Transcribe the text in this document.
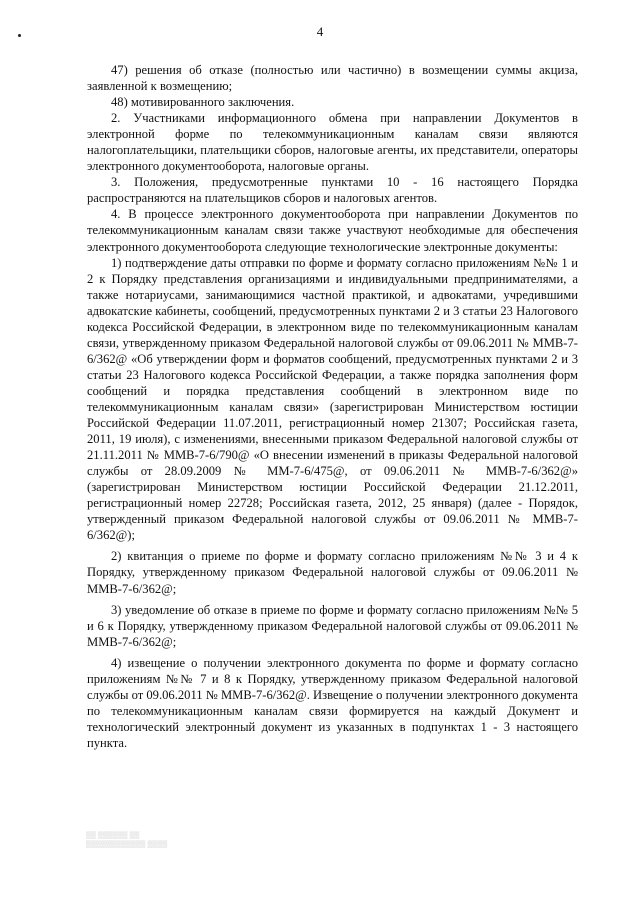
4

47) решения об отказе (полностью или частично) в возмещении суммы акциза, заявленной к возмещению;

48) мотивированного заключения.

2. Участниками информационного обмена при направлении Документов в электронной форме по телекоммуникационным каналам связи являются налогоплательщики, плательщики сборов, налоговые агенты, их представители, операторы электронного документооборота, налоговые органы.

3. Положения, предусмотренные пунктами 10 - 16 настоящего Порядка распространяются на плательщиков сборов и налоговых агентов.

4. В процессе электронного документооборота при направлении Документов по телекоммуникационным каналам связи также участвуют необходимые для обеспечения электронного документооборота следующие технологические электронные документы:

1) подтверждение даты отправки по форме и формату согласно приложениям №№ 1 и 2 к Порядку представления организациями и индивидуальными предпринимателями, а также нотариусами, занимающимися частной практикой, и адвокатами, учредившими адвокатские кабинеты, сообщений, предусмотренных пунктами 2 и 3 статьи 23 Налогового кодекса Российской Федерации, в электронном виде по телекоммуникационным каналам связи, утвержденному приказом Федеральной налоговой службы от 09.06.2011 № ММВ-7-6/362@ «Об утверждении форм и форматов сообщений, предусмотренных пунктами 2 и 3 статьи 23 Налогового кодекса Российской Федерации, а также порядка заполнения форм сообщений и порядка представления сообщений в электронном виде по телекоммуникационным каналам связи» (зарегистрирован Министерством юстиции Российской Федерации 11.07.2011, регистрационный номер 21307; Российская газета, 2011, 19 июля), с изменениями, внесенными приказом Федеральной налоговой службы от 21.11.2011 № ММВ-7-6/790@ «О внесении изменений в приказы Федеральной налоговой службы от 28.09.2009 № ММ-7-6/475@, от 09.06.2011 № ММВ-7-6/362@» (зарегистрирован Министерством юстиции Российской Федерации 21.12.2011, регистрационный номер 22728; Российская газета, 2012, 25 января) (далее - Порядок, утвержденный приказом Федеральной налоговой службы от 09.06.2011 № ММВ-7-6/362@);

2) квитанция о приеме по форме и формату согласно приложениям №№ 3 и 4 к Порядку, утвержденному приказом Федеральной налоговой службы от 09.06.2011 № ММВ-7-6/362@;

3) уведомление об отказе в приеме по форме и формату согласно приложениям №№ 5 и 6 к Порядку, утвержденному приказом Федеральной налоговой службы от 09.06.2011 № ММВ-7-6/362@;

4) извещение о получении электронного документа по форме и формату согласно приложениям №№ 7 и 8 к Порядку, утвержденному приказом Федеральной налоговой службы от 09.06.2011 № ММВ-7-6/362@. Извещение о получении электронного документа по телекоммуникационным каналам связи формируется на каждый Документ и технологический электронный документ из указанных в подпунктах 1 - 3 настоящего пункта.

▒▒ ▒▒▒▒▒▒ ▒▒
▒▒▒▒▒▒▒▒▒▒▒▒ ▒▒▒▒
